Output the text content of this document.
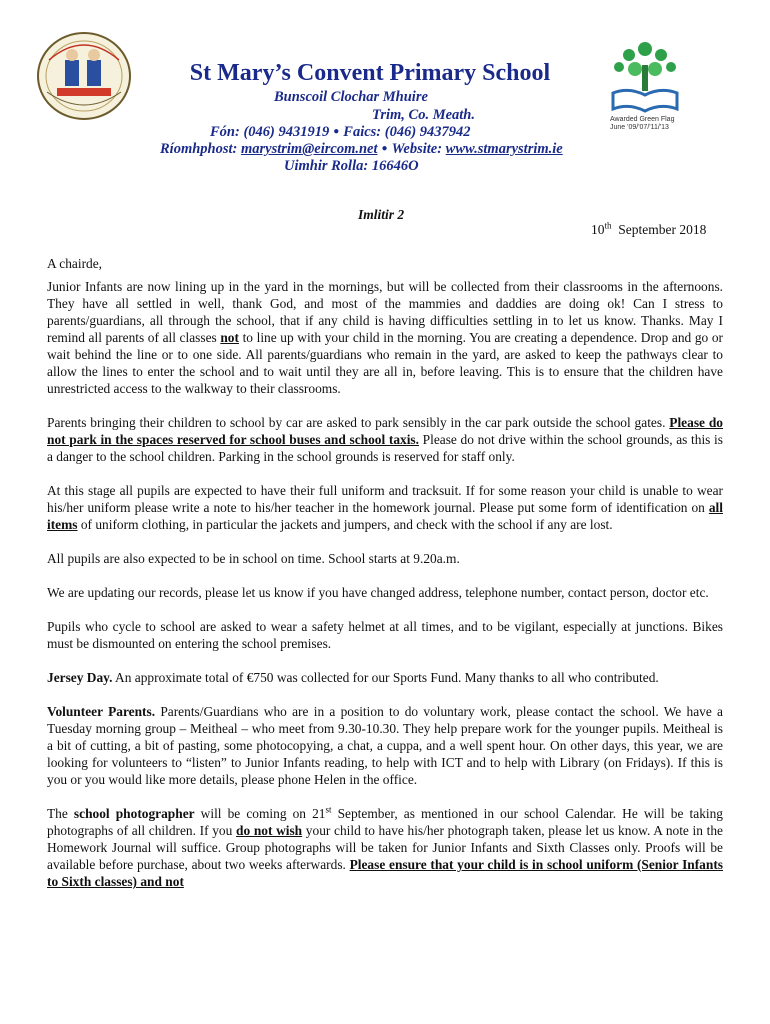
Awarded Green Flag
June '09/'07/'11/'13
St Mary’s Convent Primary School
Bunscoil Clochar Mhuire
Trim, Co. Meath.
Fón: (046) 9431919 ● Faics: (046) 9437942
Ríomhphost: marystrim@eircom.net ● Website: www.stmarystrim.ie
Uimhir Rolla: 16646O
Imlitir 2
10th September 2018

A chairde,

Junior Infants are now lining up in the yard in the mornings, but will be collected from their classrooms in the afternoons. They have all settled in well, thank God, and most of the mammies and daddies are doing ok! Can I stress to parents/guardians, all through the school, that if any child is having difficulties settling in to let us know. Thanks. May I remind all parents of all classes not to line up with your child in the morning. You are creating a dependence. Drop and go or wait behind the line or to one side. All parents/guardians who remain in the yard, are asked to keep the pathways clear to allow the lines to enter the school and to wait until they are all in, before leaving. This is to ensure that the children have unrestricted access to the walkway to their classrooms.

Parents bringing their children to school by car are asked to park sensibly in the car park outside the school gates. Please do not park in the spaces reserved for school buses and school taxis. Please do not drive within the school grounds, as this is a danger to the school children. Parking in the school grounds is reserved for staff only.

At this stage all pupils are expected to have their full uniform and tracksuit. If for some reason your child is unable to wear his/her uniform please write a note to his/her teacher in the homework journal. Please put some form of identification on all items of uniform clothing, in particular the jackets and jumpers, and check with the school if any are lost.

All pupils are also expected to be in school on time. School starts at 9.20a.m.

We are updating our records, please let us know if you have changed address, telephone number, contact person, doctor etc.

Pupils who cycle to school are asked to wear a safety helmet at all times, and to be vigilant, especially at junctions. Bikes must be dismounted on entering the school premises.

Jersey Day. An approximate total of €750 was collected for our Sports Fund. Many thanks to all who contributed.

Volunteer Parents. Parents/Guardians who are in a position to do voluntary work, please contact the school. We have a Tuesday morning group – Meitheal – who meet from 9.30-10.30. They help prepare work for the younger pupils. Meitheal is a bit of cutting, a bit of pasting, some photocopying, a chat, a cuppa, and a well spent hour. On other days, this year, we are looking for volunteers to “listen” to Junior Infants reading, to help with ICT and to help with Library (on Fridays). If this is you or you would like more details, please phone Helen in the office.

The school photographer will be coming on 21st September, as mentioned in our school Calendar. He will be taking photographs of all children. If you do not wish your child to have his/her photograph taken, please let us know. A note in the Homework Journal will suffice. Group photographs will be taken for Junior Infants and Sixth Classes only. Proofs will be available before purchase, about two weeks afterwards. Please ensure that your child is in school uniform (Senior Infants to Sixth classes) and not
